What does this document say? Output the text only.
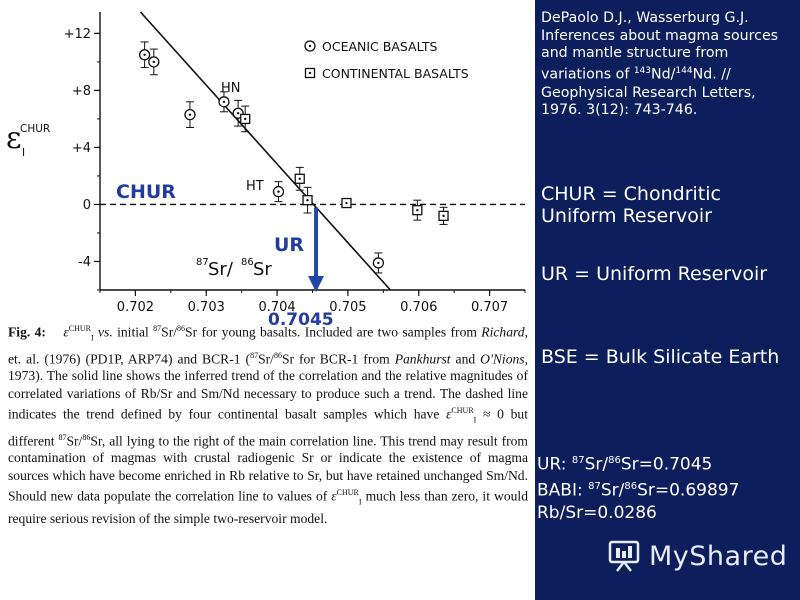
+12
+8
+4
0
-4
0.702	0.703	0.704	0.705	0.706	0.707
ε
CHUR
I
87 Sr/ 86 Sr
OCEANIC BASALTS
CONTINENTAL BASALTS
HN
HT
CHUR
UR
0.7045
Fig. 4: $\varepsilon^{CHUR}_I$ vs. initial $^{87}$Sr/$^{86}$Sr for young basalts. Included are two samples from Richard, et. al. (1976) (PD1P, ARP74) and BCR-1 ($^{87}$Sr/$^{86}$Sr for BCR-1 from Pankhurst and O'Nions, 1973). The solid line shows the inferred trend of the correlation and the relative magnitudes of correlated variations of Rb/Sr and Sm/Nd necessary to produce such a trend. The dashed line indicates the trend defined by four continental basalt samples which have $\varepsilon^{CHUR}_I \approx 0$ but different $^{87}$Sr/$^{86}$Sr, all lying to the right of the main correlation line. This trend may result from contamination of magmas with crustal radiogenic Sr or indicate the existence of magma sources which have become enriched in Rb relative to Sr, but have retained unchanged Sm/Nd. Should new data populate the correlation line to values of $\varepsilon^{CHUR}_I$ much less than zero, it would require serious revision of the simple two-reservoir model.
DePaolo D.J., Wasserburg G.J. Inferences about magma sources and mantle structure from variations of $^{143}$Nd/$^{144}$Nd. // Geophysical Research Letters, 1976. 3(12): 743-746.
CHUR = Chondritic Uniform Reservoir
UR = Uniform Reservoir
BSE = Bulk Silicate Earth
UR: $^{87}$Sr/$^{86}$Sr=0.7045
BABI: $^{87}$Sr/$^{86}$Sr=0.69897
Rb/Sr=0.0286
MyShared
